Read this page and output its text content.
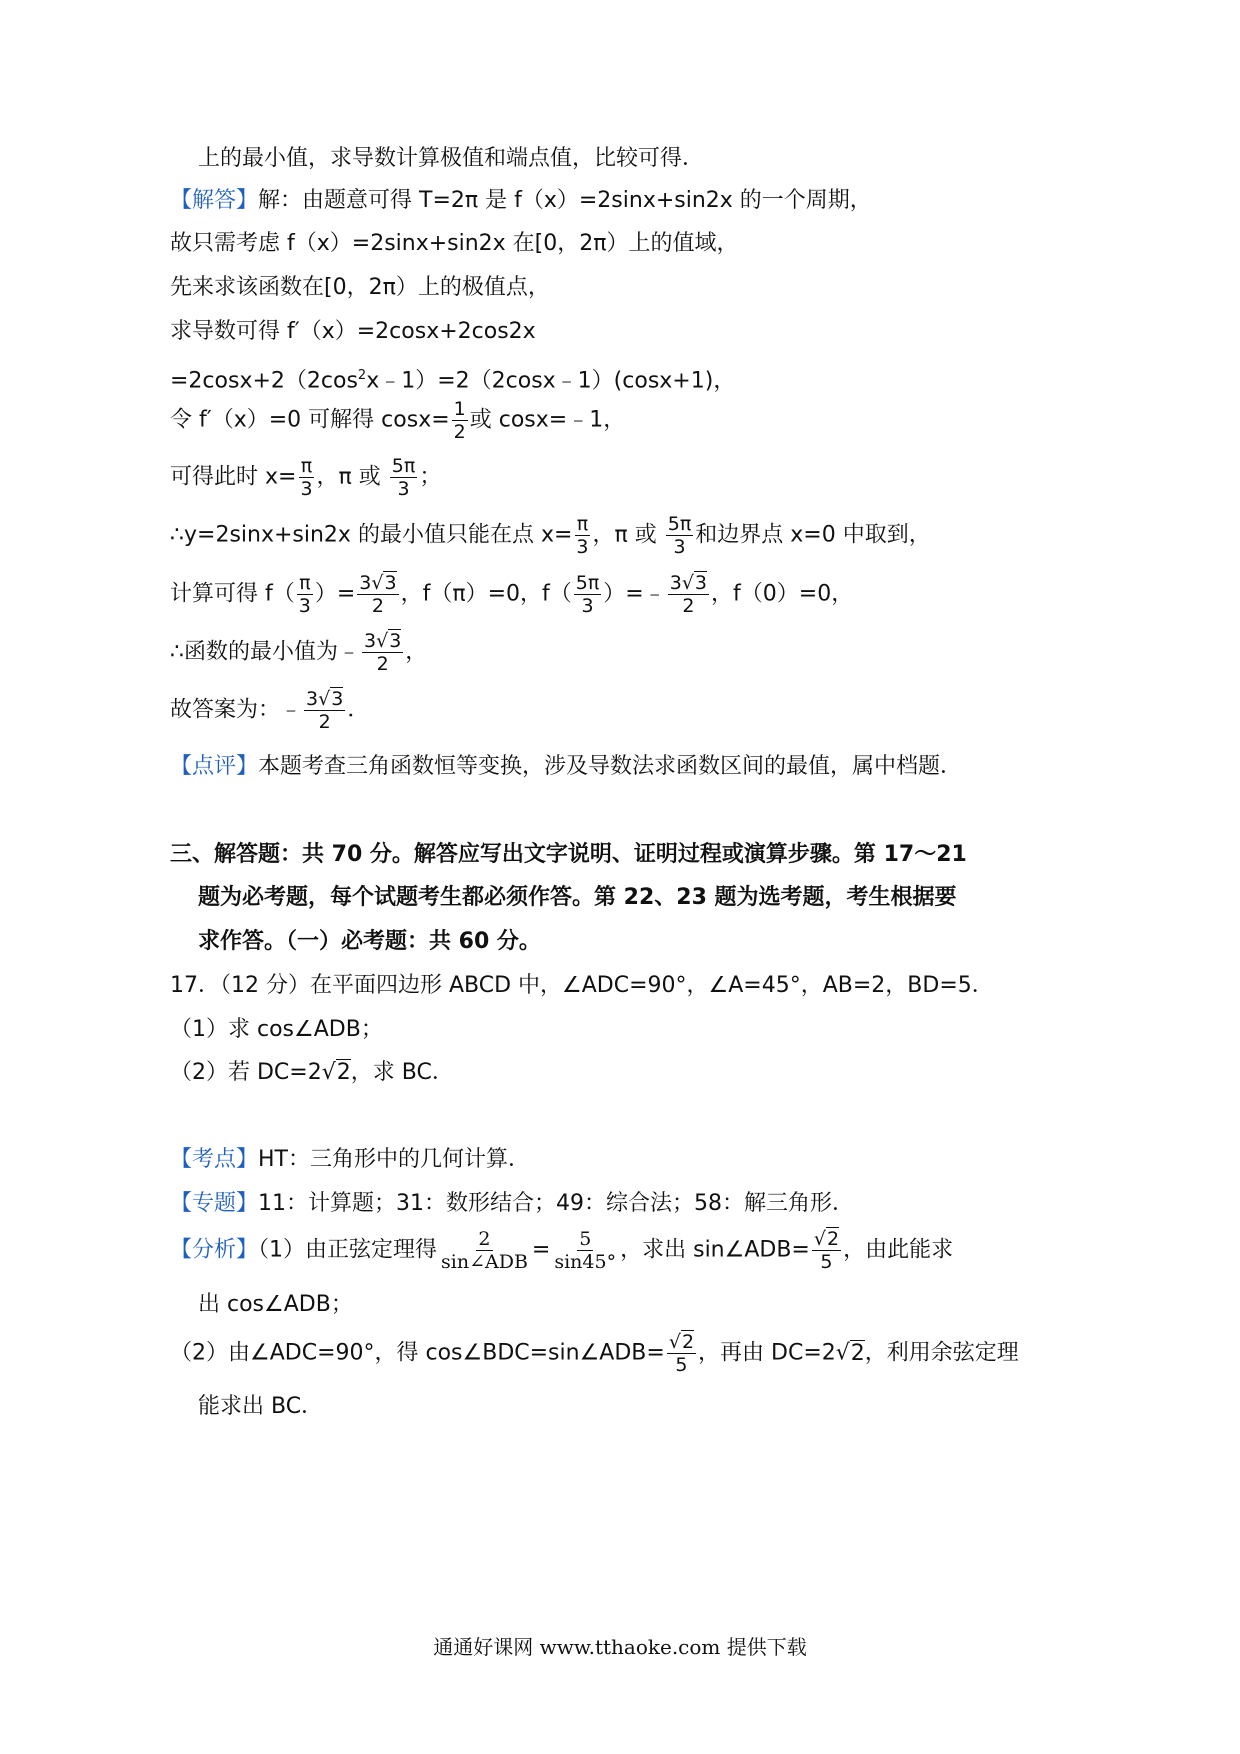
上的最小值，求导数计算极值和端点值，比较可得．
【解答】解：由题意可得 T=2π 是 f（x）=2sinx+sin2x 的一个周期，
故只需考虑 f（x）=2sinx+sin2x 在[0，2π）上的值域，
先来求该函数在[0，2π）上的极值点，
求导数可得 f′（x）=2cosx+2cos2x
$=2\cos x+2(2\cos^2x﹣1)=2(2\cos x﹣1)(\cos x+1)$，
令 f′（x）=0 可解得 $\cos x= \frac{1}{2}$ 或 cosx=﹣1，
可得此时 $x= \frac{\pi}{3}$ ，π 或 $\frac{5\pi}{3}$ ；
∴y=2sinx+sin2x 的最小值只能在点 $x= \frac{\pi}{3}$ ，π 或 $\frac{5\pi}{3}$ 和边界点 x=0 中取到，
计算可得 $f( \frac{\pi}{3}$ ）= $\frac{3√3}{2}$ ，f（π）=0，$f( \frac{5\pi}{3}$ ）=﹣ $\frac{3√3}{2}$ ，f（0）=0，
∴函数的最小值为﹣ $\frac{3√3}{2}$ ，
故答案为：﹣ $\frac{3√3}{2}$ ．
【点评】本题考查三角函数恒等变换，涉及导数法求函数区间的最值，属中档题．
三、解答题：共 70 分。解答应写出文字说明、证明过程或演算步骤。第 17～21
题为必考题，每个试题考生都必须作答。第 22、23 题为选考题，考生根据要
求作答。（一）必考题：共 60 分。
17．（12 分）在平面四边形 ABCD 中，∠ADC=90°，∠A=45°，AB=2，BD=5．
（1）求 cos∠ADB；
（2）若 DC=2√2，求 BC．
【考点】HT：三角形中的几何计算．
【专题】11：计算题；31：数形结合；49：综合法；58：解三角形．
【分析】（1）由正弦定理得 $\frac{2}{\text{sin∠ADB}} = \frac{5}{\sin 45^\circ}$ ，求出 sin∠ADB= $\frac{√2}{5}$ ，由此能求
出 cos∠ADB；
（2）由∠ADC=90°，得 cos∠BDC=sin∠ADB= $\frac{√2}{5}$ ，再由 DC=2√2，利用余弦定理
能求出 BC．
通通好课网 www.tthaoke.com 提供下载
